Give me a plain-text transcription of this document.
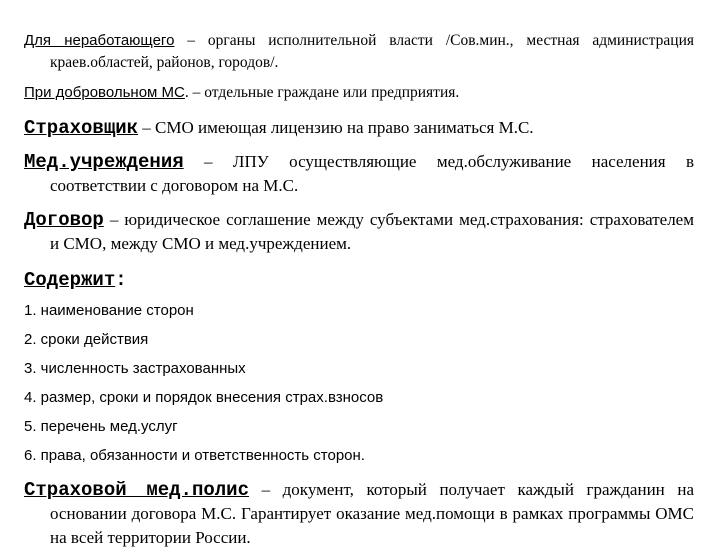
Для неработающего – органы исполнительной власти /Сов.мин., местная администрация краев.областей, районов, городов/.

При добровольном МС. – отдельные граждане или предприятия.

Страховщик – СМО имеющая лицензию на право заниматься М.С.

Мед.учреждения – ЛПУ осуществляющие мед.обслуживание населения в соответствии с договором на М.С.

Договор – юридическое соглашение между субъектами мед.страхования: страхователем и СМО, между СМО и мед.учреждением.

Содержит:

1. наименование сторон

2. сроки действия

3. численность застрахованных

4. размер, сроки и порядок внесения страх.взносов

5. перечень мед.услуг

6. права, обязанности и ответственность сторон.

Страховой мед.полис – документ, который получает каждый гражданин на основании договора М.С. Гарантирует оказание мед.помощи в рамках программы ОМС на всей территории России.
